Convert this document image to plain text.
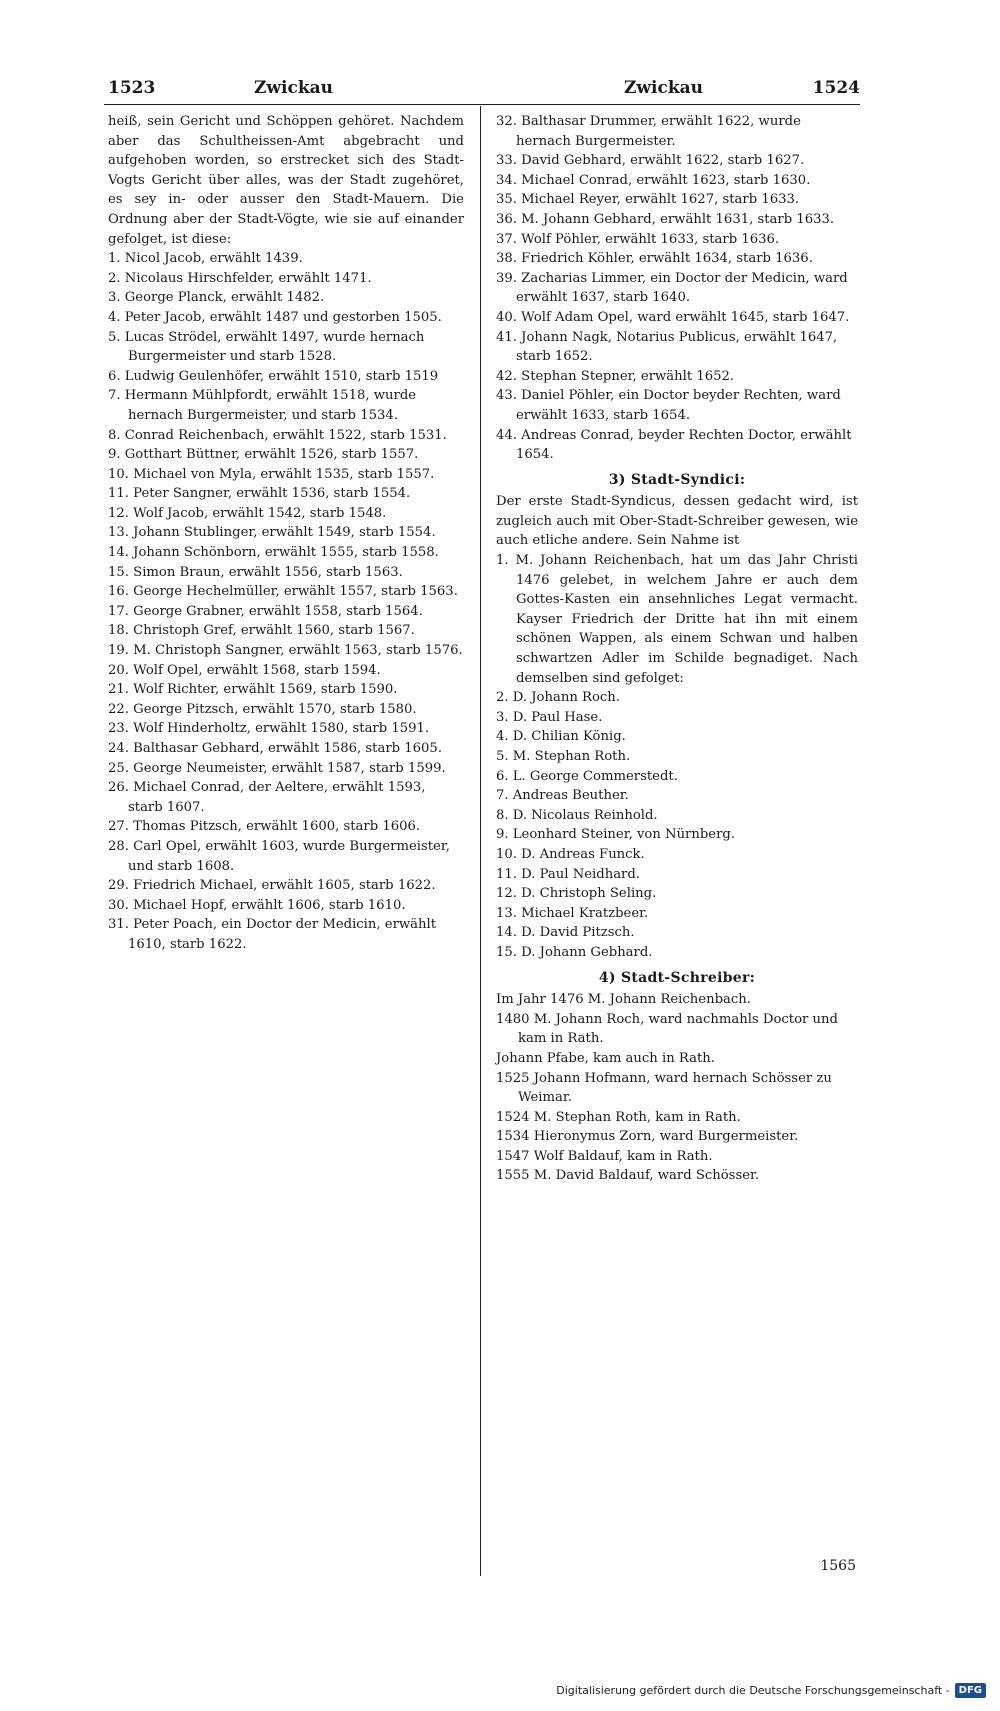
1523	Zwickau	Zwickau	1524

heiß, sein Gericht und Schöppen gehöret. Nachdem aber das Schultheissen-Amt abgebracht und aufgehoben worden, so erstrecket sich des Stadt-Vogts Gericht über alles, was der Stadt zugehöret, es sey in- oder ausser den Stadt-Mauern. Die Ordnung aber der Stadt-Vögte, wie sie auf einander gefolget, ist diese:

1. Nicol Jacob, erwählt 1439.

2. Nicolaus Hirschfelder, erwählt 1471.

3. George Planck, erwählt 1482.

4. Peter Jacob, erwählt 1487 und gestorben 1505.

5. Lucas Strödel, erwählt 1497, wurde hernach Burgermeister und starb 1528.

6. Ludwig Geulenhöfer, erwählt 1510, starb 1519

7. Hermann Mühlpfordt, erwählt 1518, wurde hernach Burgermeister, und starb 1534.

8. Conrad Reichenbach, erwählt 1522, starb 1531.

9. Gotthart Büttner, erwählt 1526, starb 1557.

10. Michael von Myla, erwählt 1535, starb 1557.

11. Peter Sangner, erwählt 1536, starb 1554.

12. Wolf Jacob, erwählt 1542, starb 1548.

13. Johann Stublinger, erwählt 1549, starb 1554.

14. Johann Schönborn, erwählt 1555, starb 1558.

15. Simon Braun, erwählt 1556, starb 1563.

16. George Hechelmüller, erwählt 1557, starb 1563.

17. George Grabner, erwählt 1558, starb 1564.

18. Christoph Gref, erwählt 1560, starb 1567.

19. M. Christoph Sangner, erwählt 1563, starb 1576.

20. Wolf Opel, erwählt 1568, starb 1594.

21. Wolf Richter, erwählt 1569, starb 1590.

22. George Pitzsch, erwählt 1570, starb 1580.

23. Wolf Hinderholtz, erwählt 1580, starb 1591.

24. Balthasar Gebhard, erwählt 1586, starb 1605.

25. George Neumeister, erwählt 1587, starb 1599.

26. Michael Conrad, der Aeltere, erwählt 1593, starb 1607.

27. Thomas Pitzsch, erwählt 1600, starb 1606.

28. Carl Opel, erwählt 1603, wurde Burgermeister, und starb 1608.

29. Friedrich Michael, erwählt 1605, starb 1622.

30. Michael Hopf, erwählt 1606, starb 1610.

31. Peter Poach, ein Doctor der Medicin, erwählt 1610, starb 1622.

32. Balthasar Drummer, erwählt 1622, wurde hernach Burgermeister.

33. David Gebhard, erwählt 1622, starb 1627.

34. Michael Conrad, erwählt 1623, starb 1630.

35. Michael Reyer, erwählt 1627, starb 1633.

36. M. Johann Gebhard, erwählt 1631, starb 1633.

37. Wolf Pöhler, erwählt 1633, starb 1636.

38. Friedrich Köhler, erwählt 1634, starb 1636.

39. Zacharias Limmer, ein Doctor der Medicin, ward erwählt 1637, starb 1640.

40. Wolf Adam Opel, ward erwählt 1645, starb 1647.

41. Johann Nagk, Notarius Publicus, erwählt 1647, starb 1652.

42. Stephan Stepner, erwählt 1652.

43. Daniel Pöhler, ein Doctor beyder Rechten, ward erwählt 1633, starb 1654.

44. Andreas Conrad, beyder Rechten Doctor, erwählt 1654.

3) Stadt-Syndici:

Der erste Stadt-Syndicus, dessen gedacht wird, ist zugleich auch mit Ober-Stadt-Schreiber gewesen, wie auch etliche andere. Sein Nahme ist

1. M. Johann Reichenbach, hat um das Jahr Christi 1476 gelebet, in welchem Jahre er auch dem Gottes-Kasten ein ansehnliches Legat vermacht. Kayser Friedrich der Dritte hat ihn mit einem schönen Wappen, als einem Schwan und halben schwartzen Adler im Schilde begnadiget. Nach demselben sind gefolget:

2. D. Johann Roch.

3. D. Paul Hase.

4. D. Chilian König.

5. M. Stephan Roth.

6. L. George Commerstedt.

7. Andreas Beuther.

8. D. Nicolaus Reinhold.

9. Leonhard Steiner, von Nürnberg.

10. D. Andreas Funck.

11. D. Paul Neidhard.

12. D. Christoph Seling.

13. Michael Kratzbeer.

14. D. David Pitzsch.

15. D. Johann Gebhard.

4) Stadt-Schreiber:

Im Jahr 1476 M. Johann Reichenbach.

1480 M. Johann Roch, ward nachmahls Doctor und kam in Rath.

Johann Pfabe, kam auch in Rath.

1525 Johann Hofmann, ward hernach Schösser zu Weimar.

1524 M. Stephan Roth, kam in Rath.

1534 Hieronymus Zorn, ward Burgermeister.

1547 Wolf Baldauf, kam in Rath.

1555 M. David Baldauf, ward Schösser.

1565
Digitalisierung gefördert durch die Deutsche Forschungsgemeinschaft - DFG
